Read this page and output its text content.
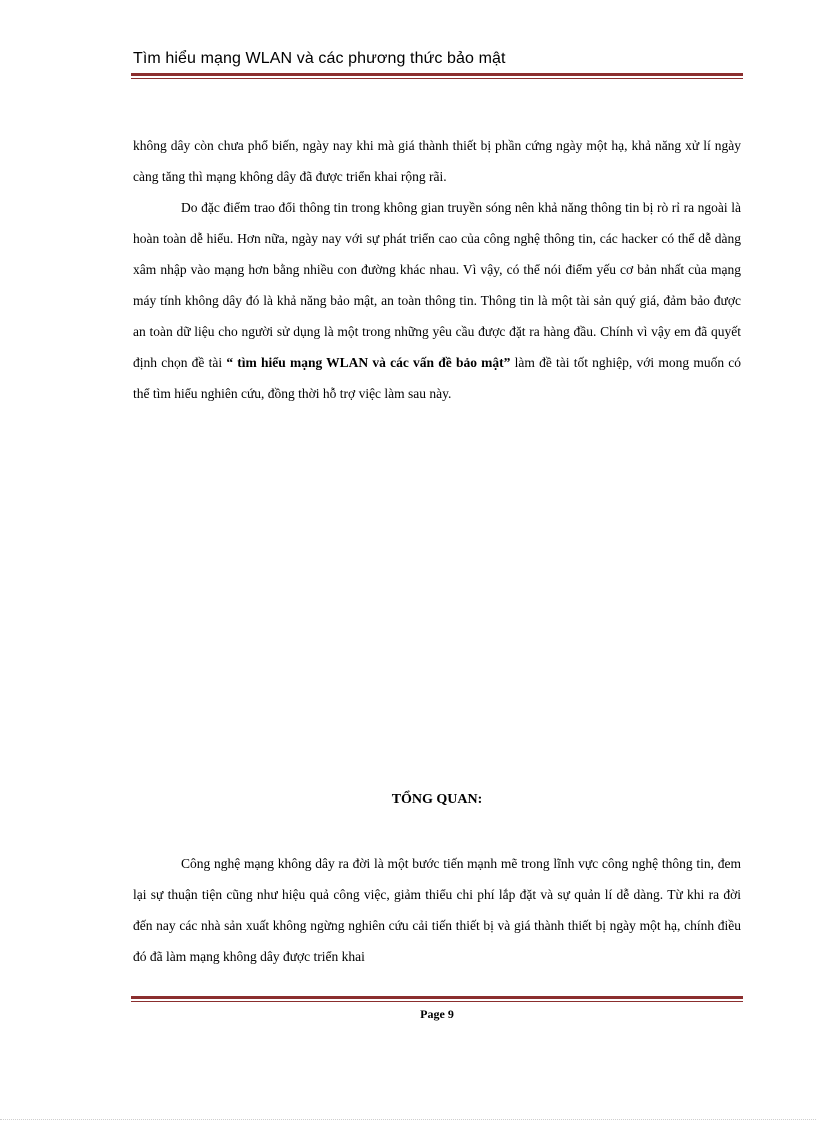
Tìm hiểu mạng WLAN và các phương thức bảo mật

không dây còn chưa phổ biến, ngày nay khi mà giá thành thiết bị phần cứng ngày một hạ, khả năng xử lí ngày càng tăng thì mạng không dây đã được triển khai rộng rãi.

Do đặc điểm trao đổi thông tin trong không gian truyền sóng nên khả năng thông tin bị rò rỉ ra ngoài là hoàn toàn dễ hiểu. Hơn nữa, ngày nay với sự phát triển cao của công nghệ thông tin, các hacker có thể dễ dàng xâm nhập vào mạng hơn bằng nhiều con đường khác nhau. Vì vậy, có thể nói điểm yếu cơ bản nhất của mạng máy tính không dây đó là khả năng bảo mật, an toàn thông tin. Thông tin là một tài sản quý giá, đảm bảo được an toàn dữ liệu cho người sử dụng là một trong những yêu cầu được đặt ra hàng đầu. Chính vì vậy em đã quyết định chọn đề tài “ tìm hiểu mạng WLAN và các vấn đề bảo mật” làm đề tài tốt nghiệp, với mong muốn có thể tìm hiểu nghiên cứu, đồng thời hỗ trợ việc làm sau này.

TỔNG QUAN:

Công nghệ mạng không dây ra đời là một bước tiến mạnh mẽ trong lĩnh vực công nghệ thông tin, đem lại sự thuận tiện cũng như hiệu quả công việc, giảm thiểu chi phí lắp đặt và sự quản lí dễ dàng. Từ khi ra đời đến nay các nhà sản xuất không ngừng nghiên cứu cải tiến thiết bị và giá thành thiết bị ngày một hạ, chính điều đó đã làm mạng không dây được triển khai

Page 9
